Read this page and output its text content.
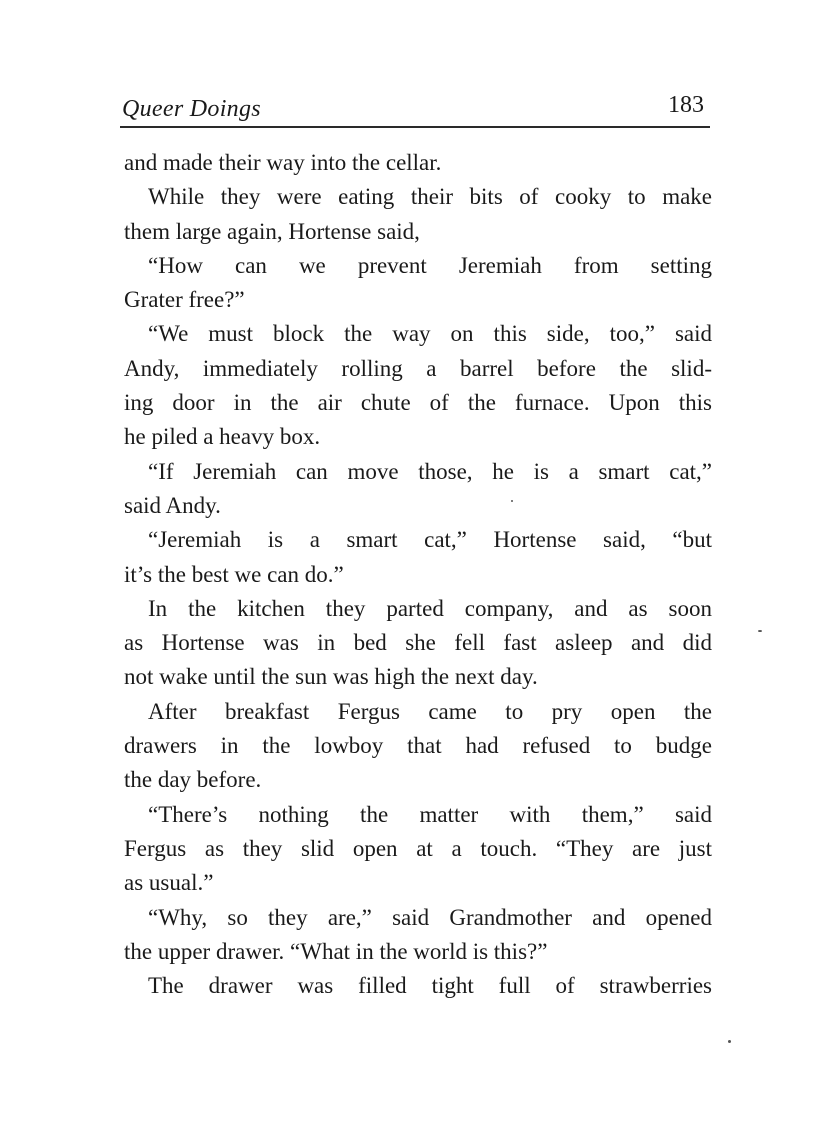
Queer Doings	183
and made their way into the cellar.
While they were eating their bits of cooky to make
them large again, Hortense said,
“How can we prevent Jeremiah from setting
Grater free?”
“We must block the way on this side, too,” said
Andy, immediately rolling a barrel before the slid-
ing door in the air chute of the furnace. Upon this
he piled a heavy box.
“If Jeremiah can move those, he is a smart cat,”
said Andy.
“Jeremiah is a smart cat,” Hortense said, “but
it’s the best we can do.”
In the kitchen they parted company, and as soon
as Hortense was in bed she fell fast asleep and did
not wake until the sun was high the next day.
After breakfast Fergus came to pry open the
drawers in the lowboy that had refused to budge
the day before.
“There’s nothing the matter with them,” said
Fergus as they slid open at a touch. “They are just
as usual.”
“Why, so they are,” said Grandmother and opened
the upper drawer. “What in the world is this?”
The drawer was filled tight full of strawberries
